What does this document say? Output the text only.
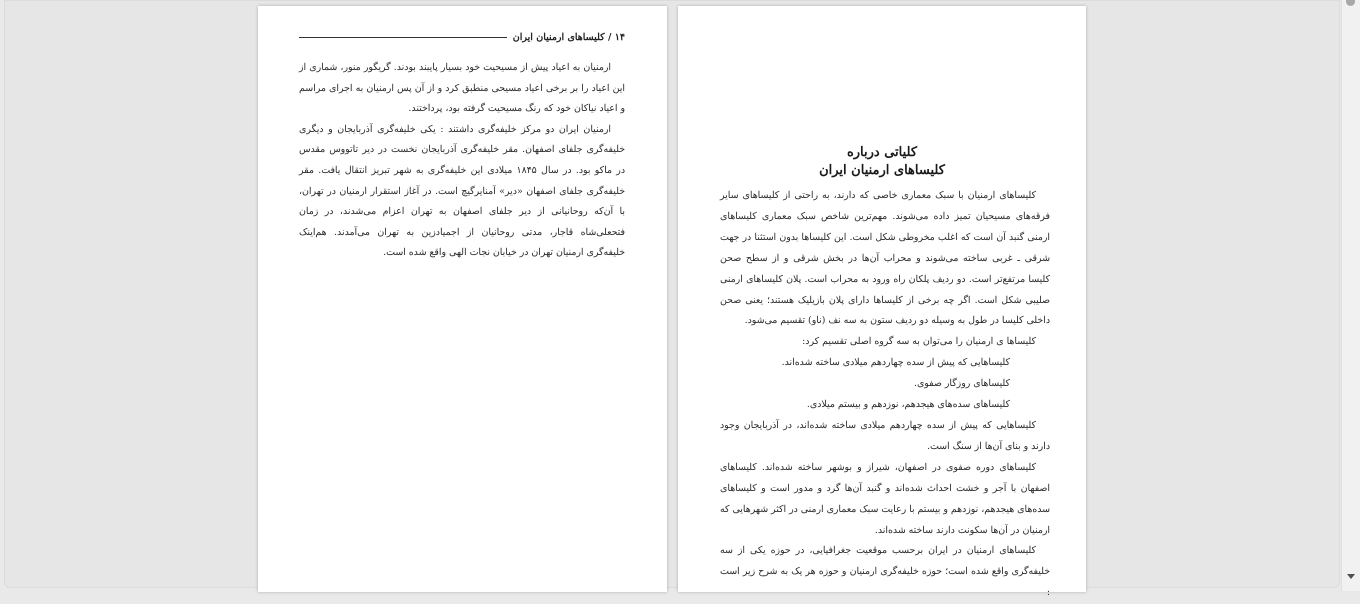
۱۴ / کلیساهای ارمنیان ایران

ارمنیان به اعیاد پیش از مسیحیت خود بسیار پایبند بودند. گریگور منور، شماری از این اعیاد را بر برخی اعیاد مسیحی منطبق کرد و از آن پس ارمنیان به اجرای مراسم و اعیاد نیاکان خود که رنگ مسیحیت گرفته بود، پرداختند.

ارمنیان ایران دو مرکز خلیفه‌گری داشتند : یکی خلیفه‌گری آذربایجان و دیگری خلیفه‌گری جلفای اصفهان. مقر خلیفه‌گری آذربایجان نخست در دیر تاتووس مقدس در ماکو بود. در سال ۱۸۴۵ میلادی این خلیفه‌گری به شهر تبریز انتقال یافت. مقر خلیفه‌گری جلفای اصفهان «دیر» آمنایرگیچ است. در آغاز استقرار ارمنیان در تهران، با آن‌که روحانیانی از دیر جلفای اصفهان به تهران اعزام می‌شدند، در زمان فتحعلی‌شاه قاجار، مدتی روحانیان از اجمیادزین به تهران می‌آمدند. هم‌اینک خلیفه‌گری ارمنیان تهران در خیابان نجات الهی واقع شده است.

کلیاتی درباره
کلیساهای ارمنیان ایران

کلیساهای ارمنیان با سبک معماری خاصی که دارند، به راحتی از کلیساهای سایر فرقه‌های مسیحیان تمیز داده می‌شوند. مهم‌ترین شاخص سبک معماری کلیساهای ارمنی گنبد آن است که اغلب مخروطی شکل است. این کلیساها بدون استثنا در جهت شرقی ـ غربی ساخته می‌شوند و محراب آن‌ها در بخش شرقی و از سطح صحن کلیسا مرتفع‌تر است. دو ردیف پلکان راه ورود به محراب است. پلان کلیساهای ارمنی صلیبی شکل است. اگر چه برخی از کلیساها دارای پلان بازیلیک هستند؛ یعنی صحن داخلی کلیسا در طول به وسیله دو ردیف ستون به سه نف (ناو) تقسیم می‌شود.

کلیساها ی ارمنیان را می‌توان به سه گروه اصلی تقسیم کرد:

کلیساهایی که پیش از سده چهاردهم میلادی ساخته شده‌اند.

کلیساهای روزگار صفوی.

کلیساهای سده‌های هیجدهم، نوزدهم و بیستم میلادی.

کلیساهایی که پیش از سده چهاردهم میلادی ساخته شده‌اند، در آذربایجان وجود دارند و بنای آن‌ها از سنگ است.

کلیساهای دوره صفوی در اصفهان، شیراز و بوشهر ساخته شده‌اند. کلیساهای اصفهان با آجر و خشت احداث شده‌اند و گنبد آن‌ها گرد و مدور است و کلیساهای سده‌های هیجدهم، نوزدهم و بیستم با رعایت سبک معماری ارمنی در اکثر شهرهایی که ارمنیان در آن‌ها سکونت دارند ساخته شده‌اند.

کلیساهای ارمنیان در ایران برحسب موقعیت جغرافیایی، در حوزه یکی از سه خلیفه‌گری واقع شده است؛ حوزه خلیفه‌گری ارمنیان و حوزه هر یک به شرح زیر است :
